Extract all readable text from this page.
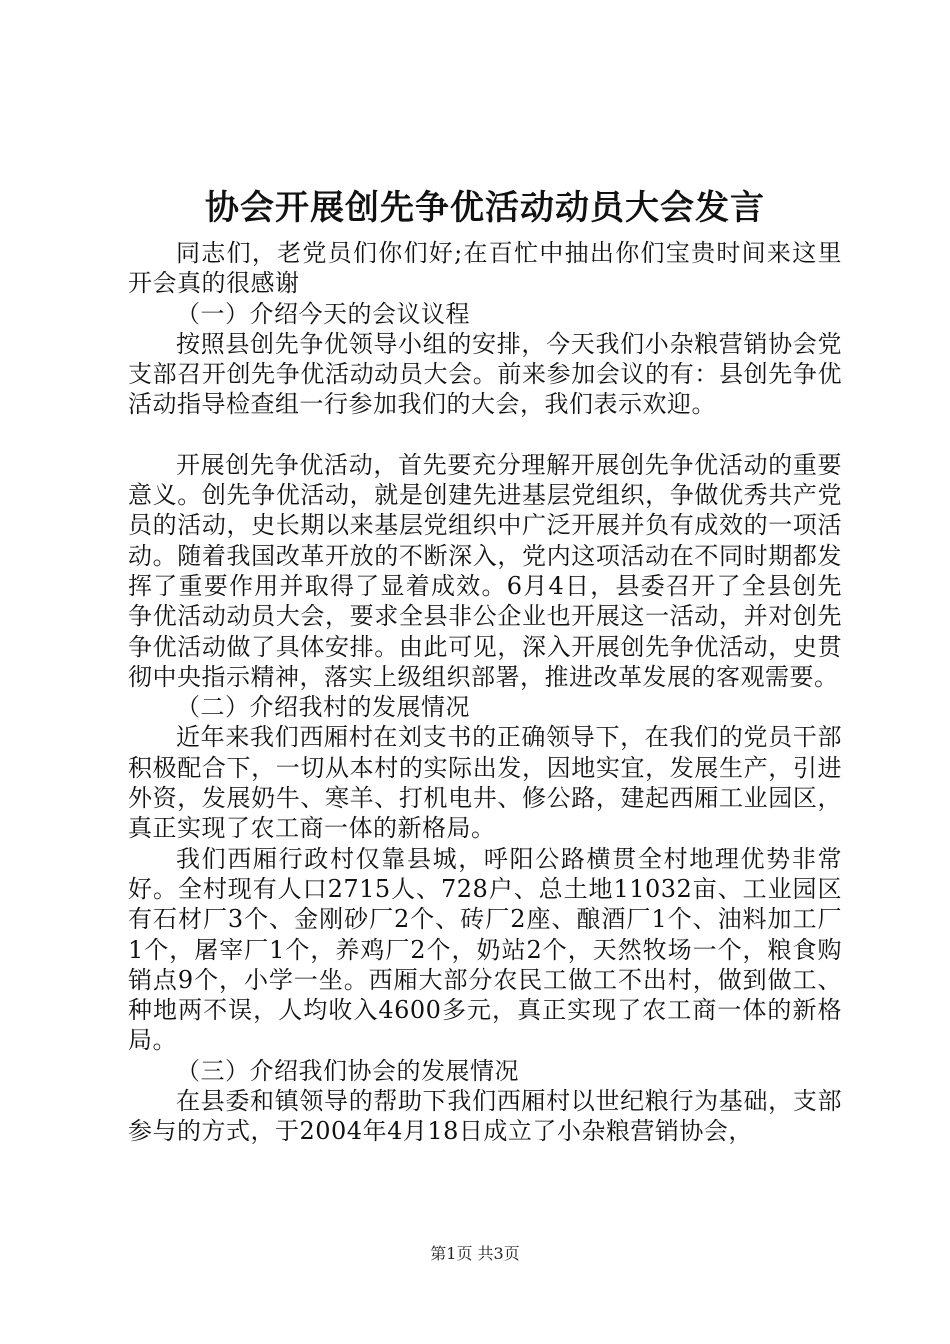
协会开展创先争优活动动员大会发言

同志们，老党员们你们好;在百忙中抽出你们宝贵时间来这里开会真的很感谢

（一）介绍今天的会议议程

按照县创先争优领导小组的安排，今天我们小杂粮营销协会党支部召开创先争优活动动员大会。前来参加会议的有：县创先争优活动指导检查组一行参加我们的大会，我们表示欢迎。

开展创先争优活动，首先要充分理解开展创先争优活动的重要意义。创先争优活动，就是创建先进基层党组织，争做优秀共产党员的活动，史长期以来基层党组织中广泛开展并负有成效的一项活动。随着我国改革开放的不断深入，党内这项活动在不同时期都发挥了重要作用并取得了显着成效。6月4日，县委召开了全县创先争优活动动员大会，要求全县非公企业也开展这一活动，并对创先争优活动做了具体安排。由此可见，深入开展创先争优活动，史贯彻中央指示精神，落实上级组织部署，推进改革发展的客观需要。

（二）介绍我村的发展情况

近年来我们西厢村在刘支书的正确领导下，在我们的党员干部积极配合下，一切从本村的实际出发，因地实宜，发展生产，引进外资，发展奶牛、寒羊、打机电井、修公路，建起西厢工业园区，真正实现了农工商一体的新格局。

我们西厢行政村仅靠县城，呼阳公路横贯全村地理优势非常好。全村现有人口2715人、728户、总土地11032亩、工业园区有石材厂3个、金刚砂厂2个、砖厂2座、酿酒厂1个、油料加工厂1个，屠宰厂1个，养鸡厂2个，奶站2个，天然牧场一个，粮食购销点9个，小学一坐。西厢大部分农民工做工不出村，做到做工、种地两不误，人均收入4600多元，真正实现了农工商一体的新格局。

（三）介绍我们协会的发展情况

在县委和镇领导的帮助下我们西厢村以世纪粮行为基础，支部参与的方式，于2004年4月18日成立了小杂粮营销协会，

第1页 共3页
